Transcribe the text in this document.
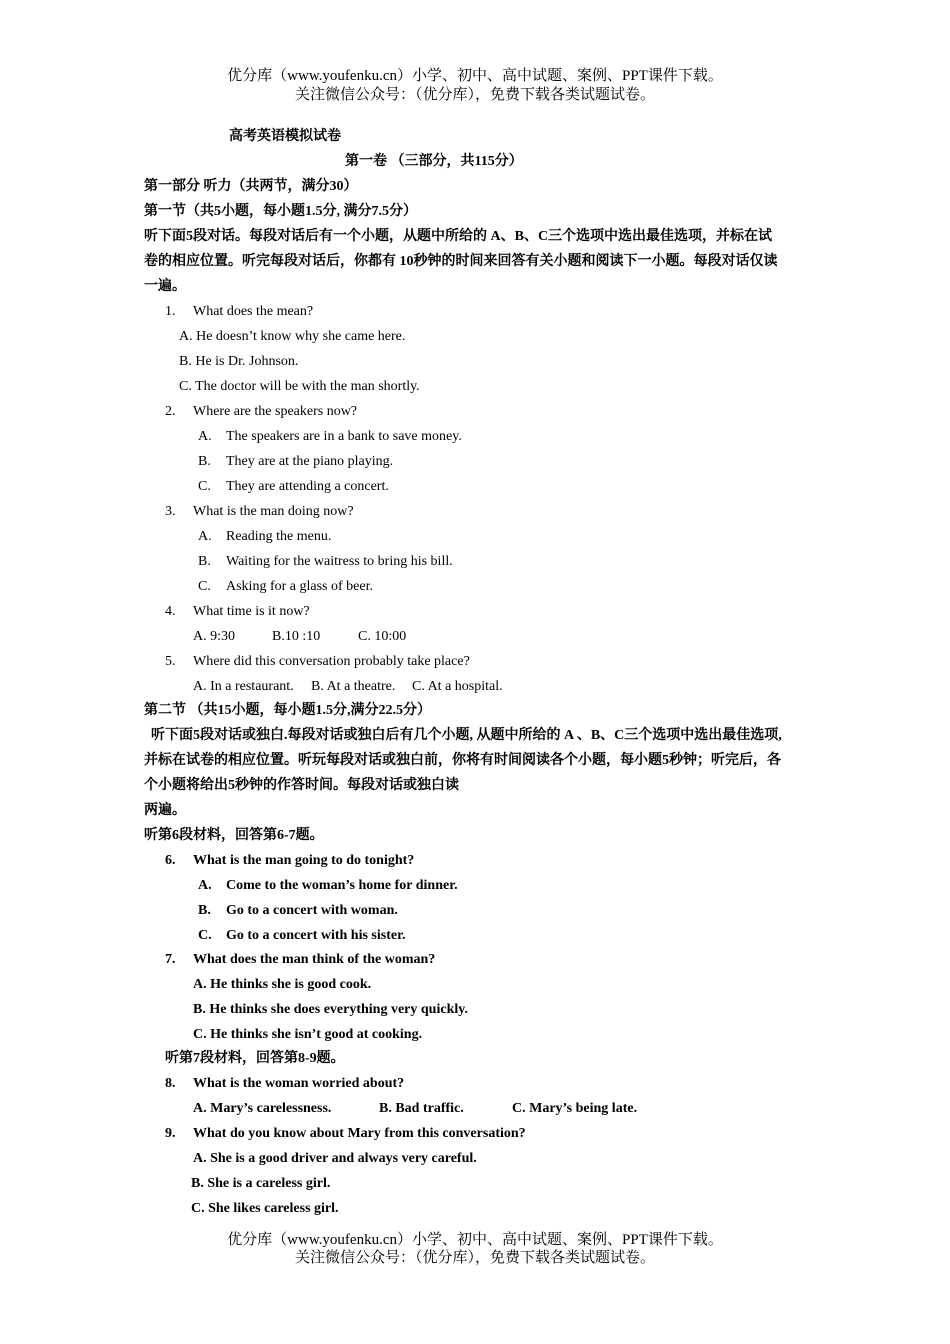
优分库（www.youfenku.cn）小学、初中、高中试题、案例、PPT课件下载。
关注微信公众号：（优分库），免费下载各类试题试卷。
高考英语模拟试卷
第一卷 （三部分，共115分）
第一部分 听力（共两节，满分30）
第一节（共5小题，每小题1.5分, 满分7.5分）
听下面5段对话。每段对话后有一个小题，从题中所给的 A、B、C三个选项中选出最佳选项，并标在试
卷的相应位置。听完每段对话后，你都有 10秒钟的时间来回答有关小题和阅读下一小题。每段对话仅读
一遍。
1. What does the mean?
A. He doesn’t know why she came here.
B. He is Dr. Johnson.
C. The doctor will be with the man shortly.
2. Where are the speakers now?
A. The speakers are in a bank to save money.
B. They are at the piano playing.
C. They are attending a concert.
3. What is the man doing now?
A. Reading the menu.
B. Waiting for the waitress to bring his bill.
C. Asking for a glass of beer.
4. What time is it now?
A. 9:30	B.10 :10	C. 10:00
5. Where did this conversation probably take place?
A. In a restaurant. B. At a theatre. C. At a hospital.
第二节 （共15小题，每小题1.5分,满分22.5分）
听下面5段对话或独白.每段对话或独白后有几个小题, 从题中所给的 A 、B、C三个选项中选出最佳选项,
并标在试卷的相应位置。听玩每段对话或独白前，你将有时间阅读各个小题，每小题5秒钟；听完后，各
个小题将给出5秒钟的作答时间。每段对话或独白读
两遍。
听第6段材料，回答第6-7题。
6. What is the man going to do tonight?
A. Come to the woman’s home for dinner.
B. Go to a concert with woman.
C. Go to a concert with his sister.
7. What does the man think of the woman?
A. He thinks she is good cook.
B. He thinks she does everything very quickly.
C. He thinks she isn’t good at cooking.
听第7段材料，回答第8-9题。
8. What is the woman worried about?
A. Mary’s carelessness.	B. Bad traffic.	C. Mary’s being late.
9. What do you know about Mary from this conversation?
A. She is a good driver and always very careful.
B. She is a careless girl.
C. She likes careless girl.
优分库（www.youfenku.cn）小学、初中、高中试题、案例、PPT课件下载。
关注微信公众号：（优分库），免费下载各类试题试卷。
